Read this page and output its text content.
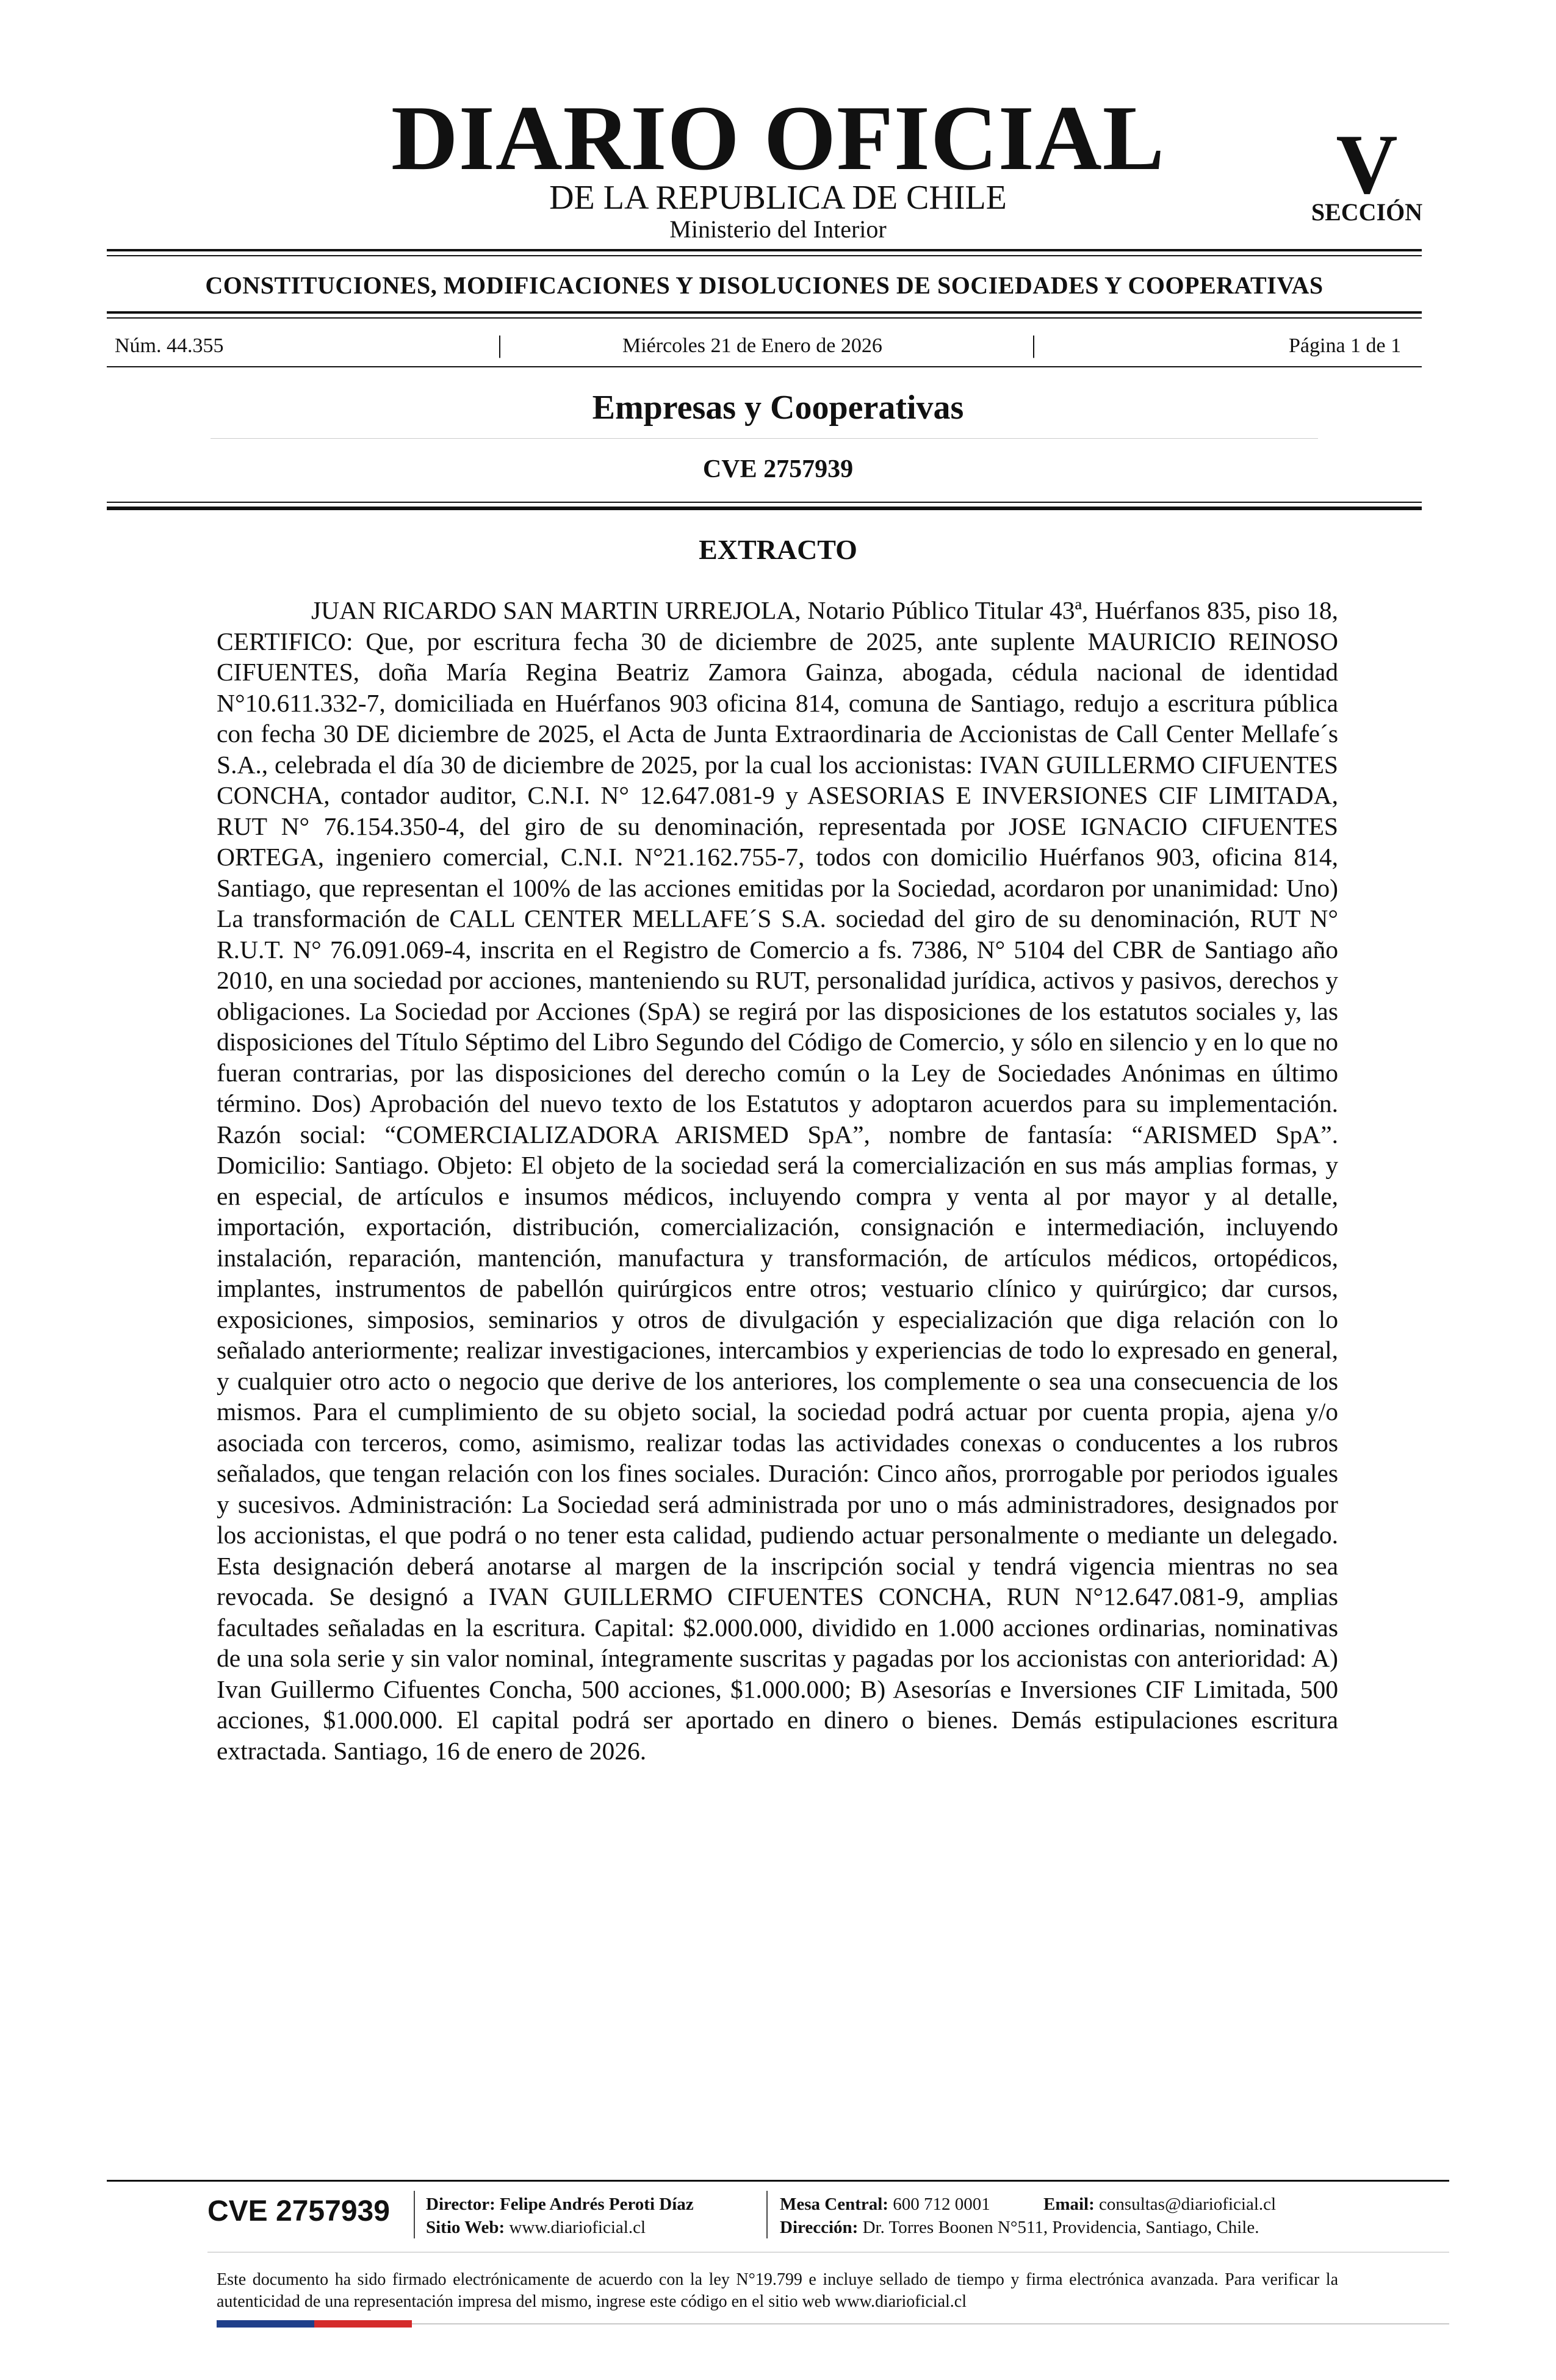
DIARIO OFICIAL
DE LA REPUBLICA DE CHILE
Ministerio del Interior
V
SECCIÓN
CONSTITUCIONES, MODIFICACIONES Y DISOLUCIONES DE SOCIEDADES Y COOPERATIVAS
Núm. 44.355	|	Miércoles 21 de Enero de 2026	|	Página 1 de 1
Empresas y Cooperativas
CVE 2757939
EXTRACTO
JUAN RICARDO SAN MARTIN URREJOLA, Notario Público Titular 43ª, Huérfanos 835, piso 18, CERTIFICO: Que, por escritura fecha 30 de diciembre de 2025, ante suplente MAURICIO REINOSO CIFUENTES, doña María Regina Beatriz Zamora Gainza, abogada, cédula nacional de identidad N°10.611.332-7, domiciliada en Huérfanos 903 oficina 814, comuna de Santiago, redujo a escritura pública con fecha 30 DE diciembre de 2025, el Acta de Junta Extraordinaria de Accionistas de Call Center Mellafe´s S.A., celebrada el día 30 de diciembre de 2025, por la cual los accionistas: IVAN GUILLERMO CIFUENTES CONCHA, contador auditor, C.N.I. N° 12.647.081-9 y ASESORIAS E INVERSIONES CIF LIMITADA, RUT N° 76.154.350-4, del giro de su denominación, representada por JOSE IGNACIO CIFUENTES ORTEGA, ingeniero comercial, C.N.I. N°21.162.755-7, todos con domicilio Huérfanos 903, oficina 814, Santiago, que representan el 100% de las acciones emitidas por la Sociedad, acordaron por unanimidad: Uno) La transformación de CALL CENTER MELLAFE´S S.A. sociedad del giro de su denominación, RUT N° R.U.T. N° 76.091.069-4, inscrita en el Registro de Comercio a fs. 7386, N° 5104 del CBR de Santiago año 2010, en una sociedad por acciones, manteniendo su RUT, personalidad jurídica, activos y pasivos, derechos y obligaciones. La Sociedad por Acciones (SpA) se regirá por las disposiciones de los estatutos sociales y, las disposiciones del Título Séptimo del Libro Segundo del Código de Comercio, y sólo en silencio y en lo que no fueran contrarias, por las disposiciones del derecho común o la Ley de Sociedades Anónimas en último término. Dos) Aprobación del nuevo texto de los Estatutos y adoptaron acuerdos para su implementación. Razón social: “COMERCIALIZADORA ARISMED SpA”, nombre de fantasía: “ARISMED SpA”. Domicilio: Santiago. Objeto: El objeto de la sociedad será la comercialización en sus más amplias formas, y en especial, de artículos e insumos médicos, incluyendo compra y venta al por mayor y al detalle, importación, exportación, distribución, comercialización, consignación e intermediación, incluyendo instalación, reparación, mantención, manufactura y transformación, de artículos médicos, ortopédicos, implantes, instrumentos de pabellón quirúrgicos entre otros; vestuario clínico y quirúrgico; dar cursos, exposiciones, simposios, seminarios y otros de divulgación y especialización que diga relación con lo señalado anteriormente; realizar investigaciones, intercambios y experiencias de todo lo expresado en general, y cualquier otro acto o negocio que derive de los anteriores, los complemente o sea una consecuencia de los mismos. Para el cumplimiento de su objeto social, la sociedad podrá actuar por cuenta propia, ajena y/o asociada con terceros, como, asimismo, realizar todas las actividades conexas o conducentes a los rubros señalados, que tengan relación con los fines sociales. Duración: Cinco años, prorrogable por periodos iguales y sucesivos. Administración: La Sociedad será administrada por uno o más administradores, designados por los accionistas, el que podrá o no tener esta calidad, pudiendo actuar personalmente o mediante un delegado. Esta designación deberá anotarse al margen de la inscripción social y tendrá vigencia mientras no sea revocada. Se designó a IVAN GUILLERMO CIFUENTES CONCHA, RUN N°12.647.081-9, amplias facultades señaladas en la escritura. Capital: $2.000.000, dividido en 1.000 acciones ordinarias, nominativas de una sola serie y sin valor nominal, íntegramente suscritas y pagadas por los accionistas con anterioridad: A) Ivan Guillermo Cifuentes Concha, 500 acciones, $1.000.000; B) Asesorías e Inversiones CIF Limitada, 500 acciones, $1.000.000. El capital podrá ser aportado en dinero o bienes. Demás estipulaciones escritura extractada. Santiago, 16 de enero de 2026.
CVE 2757939 Director: Felipe Andrés Peroti Díaz
Sitio Web: www.diarioficial.cl
Mesa Central: 600 712 0001	Email: consultas@diarioficial.cl
Dirección: Dr. Torres Boonen N°511, Providencia, Santiago, Chile.
Este documento ha sido firmado electrónicamente de acuerdo con la ley N°19.799 e incluye sellado de tiempo y firma electrónica avanzada. Para verificar la autenticidad de una representación impresa del mismo, ingrese este código en el sitio web www.diarioficial.cl
